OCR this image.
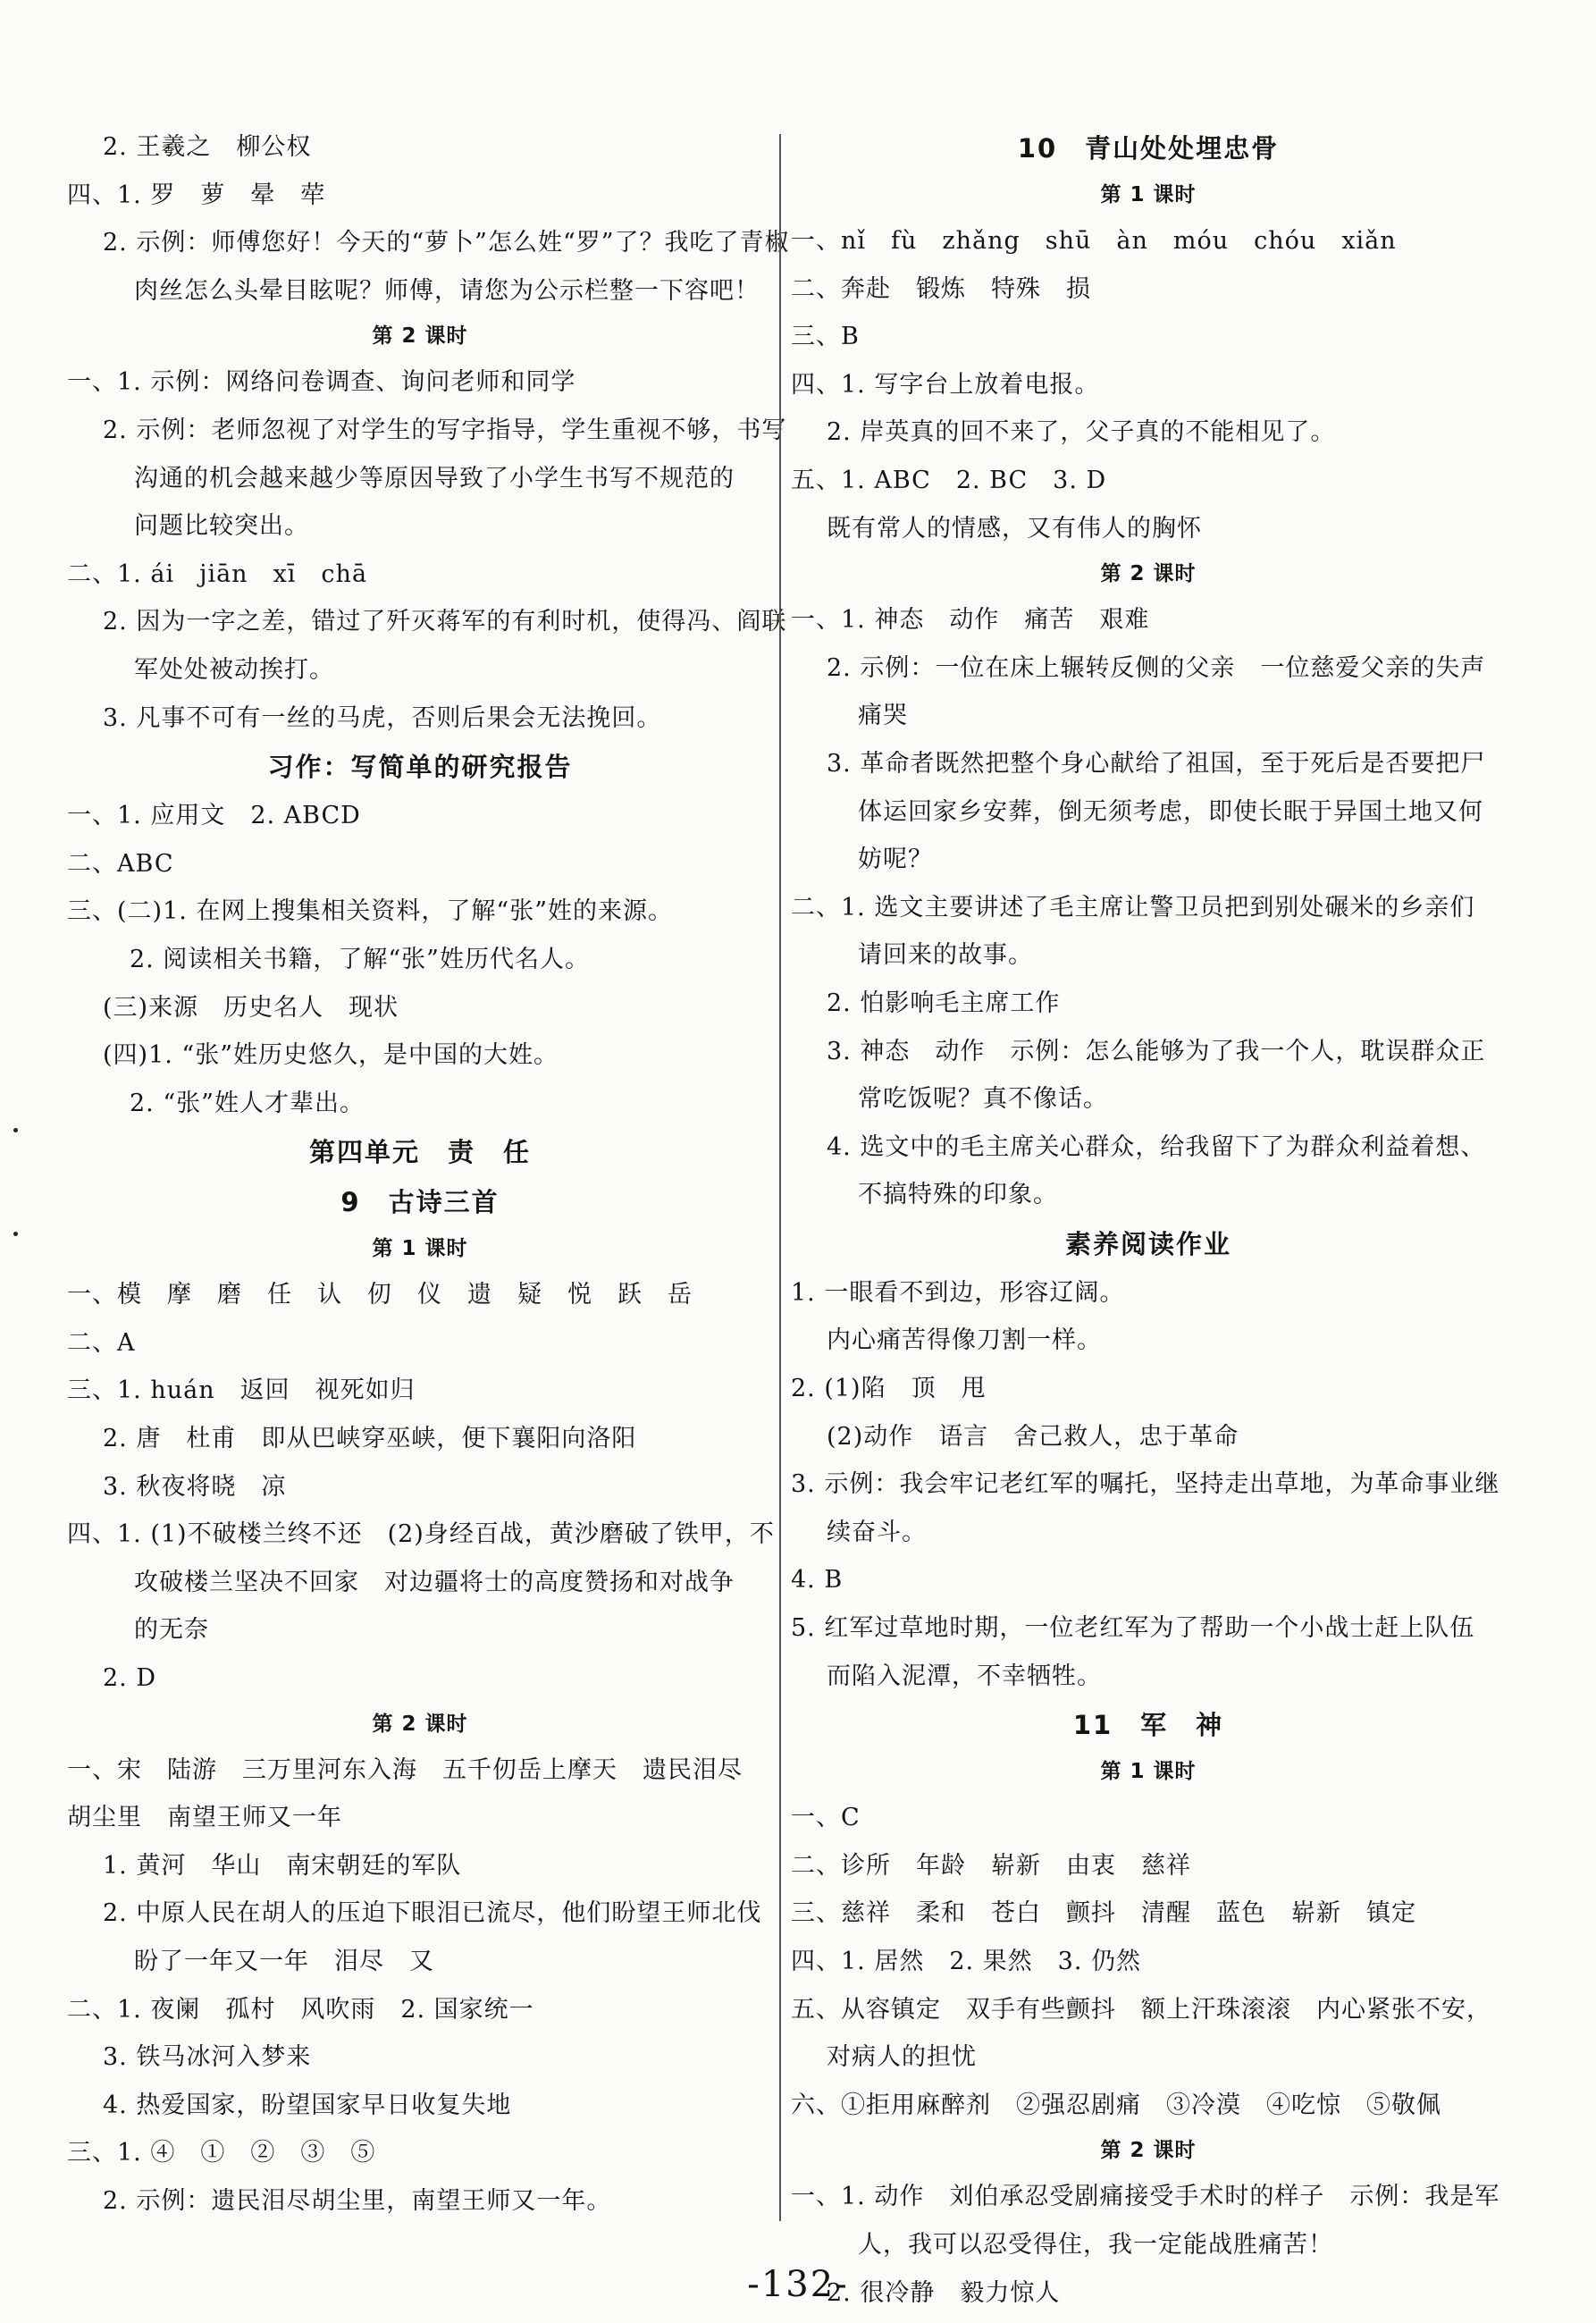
2. 王羲之　柳公权
四、1. 罗　萝　晕　荦
2. 示例：师傅您好！今天的“萝卜”怎么姓“罗”了？我吃了青椒
肉丝怎么头晕目眩呢？师傅，请您为公示栏整一下容吧！
第 2 课时
一、1. 示例：网络问卷调查、询问老师和同学
2. 示例：老师忽视了对学生的写字指导，学生重视不够，书写
沟通的机会越来越少等原因导致了小学生书写不规范的
问题比较突出。
二、1. ái　jiān　xī　chā
2. 因为一字之差，错过了歼灭蒋军的有利时机，使得冯、阎联
军处处被动挨打。
3. 凡事不可有一丝的马虎，否则后果会无法挽回。
习作：写简单的研究报告
一、1. 应用文　2. ABCD
二、ABC
三、(二)1. 在网上搜集相关资料，了解“张”姓的来源。
2. 阅读相关书籍，了解“张”姓历代名人。
(三)来源　历史名人　现状
(四)1. “张”姓历史悠久，是中国的大姓。
2. “张”姓人才辈出。
第四单元　责　任
9　古诗三首
第 1 课时
一、模　摩　磨　任　认　仞　仪　遗　疑　悦　跃　岳
二、A
三、1. huán　返回　视死如归
2. 唐　杜甫　即从巴峡穿巫峡，便下襄阳向洛阳
3. 秋夜将晓　凉
四、1. (1)不破楼兰终不还　(2)身经百战，黄沙磨破了铁甲，不
攻破楼兰坚决不回家　对边疆将士的高度赞扬和对战争
的无奈
2. D
第 2 课时
一、宋　陆游　三万里河东入海　五千仞岳上摩天　遗民泪尽
胡尘里　南望王师又一年
1. 黄河　华山　南宋朝廷的军队
2. 中原人民在胡人的压迫下眼泪已流尽，他们盼望王师北伐
盼了一年又一年　泪尽　又
二、1. 夜阑　孤村　风吹雨　2. 国家统一
3. 铁马冰河入梦来
4. 热爱国家，盼望国家早日收复失地
三、1. ④　①　②　③　⑤
2. 示例：遗民泪尽胡尘里，南望王师又一年。
10　青山处处埋忠骨
第 1 课时
一、nǐ　fù　zhǎng　shū　àn　móu　chóu　xiǎn
二、奔赴　锻炼　特殊　损
三、B
四、1. 写字台上放着电报。
2. 岸英真的回不来了，父子真的不能相见了。
五、1. ABC　2. BC　3. D
既有常人的情感，又有伟人的胸怀
第 2 课时
一、1. 神态　动作　痛苦　艰难
2. 示例：一位在床上辗转反侧的父亲　一位慈爱父亲的失声
痛哭
3. 革命者既然把整个身心献给了祖国，至于死后是否要把尸
体运回家乡安葬，倒无须考虑，即使长眠于异国土地又何
妨呢？
二、1. 选文主要讲述了毛主席让警卫员把到别处碾米的乡亲们
请回来的故事。
2. 怕影响毛主席工作
3. 神态　动作　示例：怎么能够为了我一个人，耽误群众正
常吃饭呢？真不像话。
4. 选文中的毛主席关心群众，给我留下了为群众利益着想、
不搞特殊的印象。
素养阅读作业
1. 一眼看不到边，形容辽阔。
内心痛苦得像刀割一样。
2. (1)陷　顶　甩
(2)动作　语言　舍己救人，忠于革命
3. 示例：我会牢记老红军的嘱托，坚持走出草地，为革命事业继
续奋斗。
4. B
5. 红军过草地时期，一位老红军为了帮助一个小战士赶上队伍
而陷入泥潭，不幸牺牲。
11　军　神
第 1 课时
一、C
二、诊所　年龄　崭新　由衷　慈祥
三、慈祥　柔和　苍白　颤抖　清醒　蓝色　崭新　镇定
四、1. 居然　2. 果然　3. 仍然
五、从容镇定　双手有些颤抖　额上汗珠滚滚　内心紧张不安，
对病人的担忧
六、①拒用麻醉剂　②强忍剧痛　③冷漠　④吃惊　⑤敬佩
第 2 课时
一、1. 动作　刘伯承忍受剧痛接受手术时的样子　示例：我是军
人，我可以忍受得住，我一定能战胜痛苦！
2. 很冷静　毅力惊人
-132-
